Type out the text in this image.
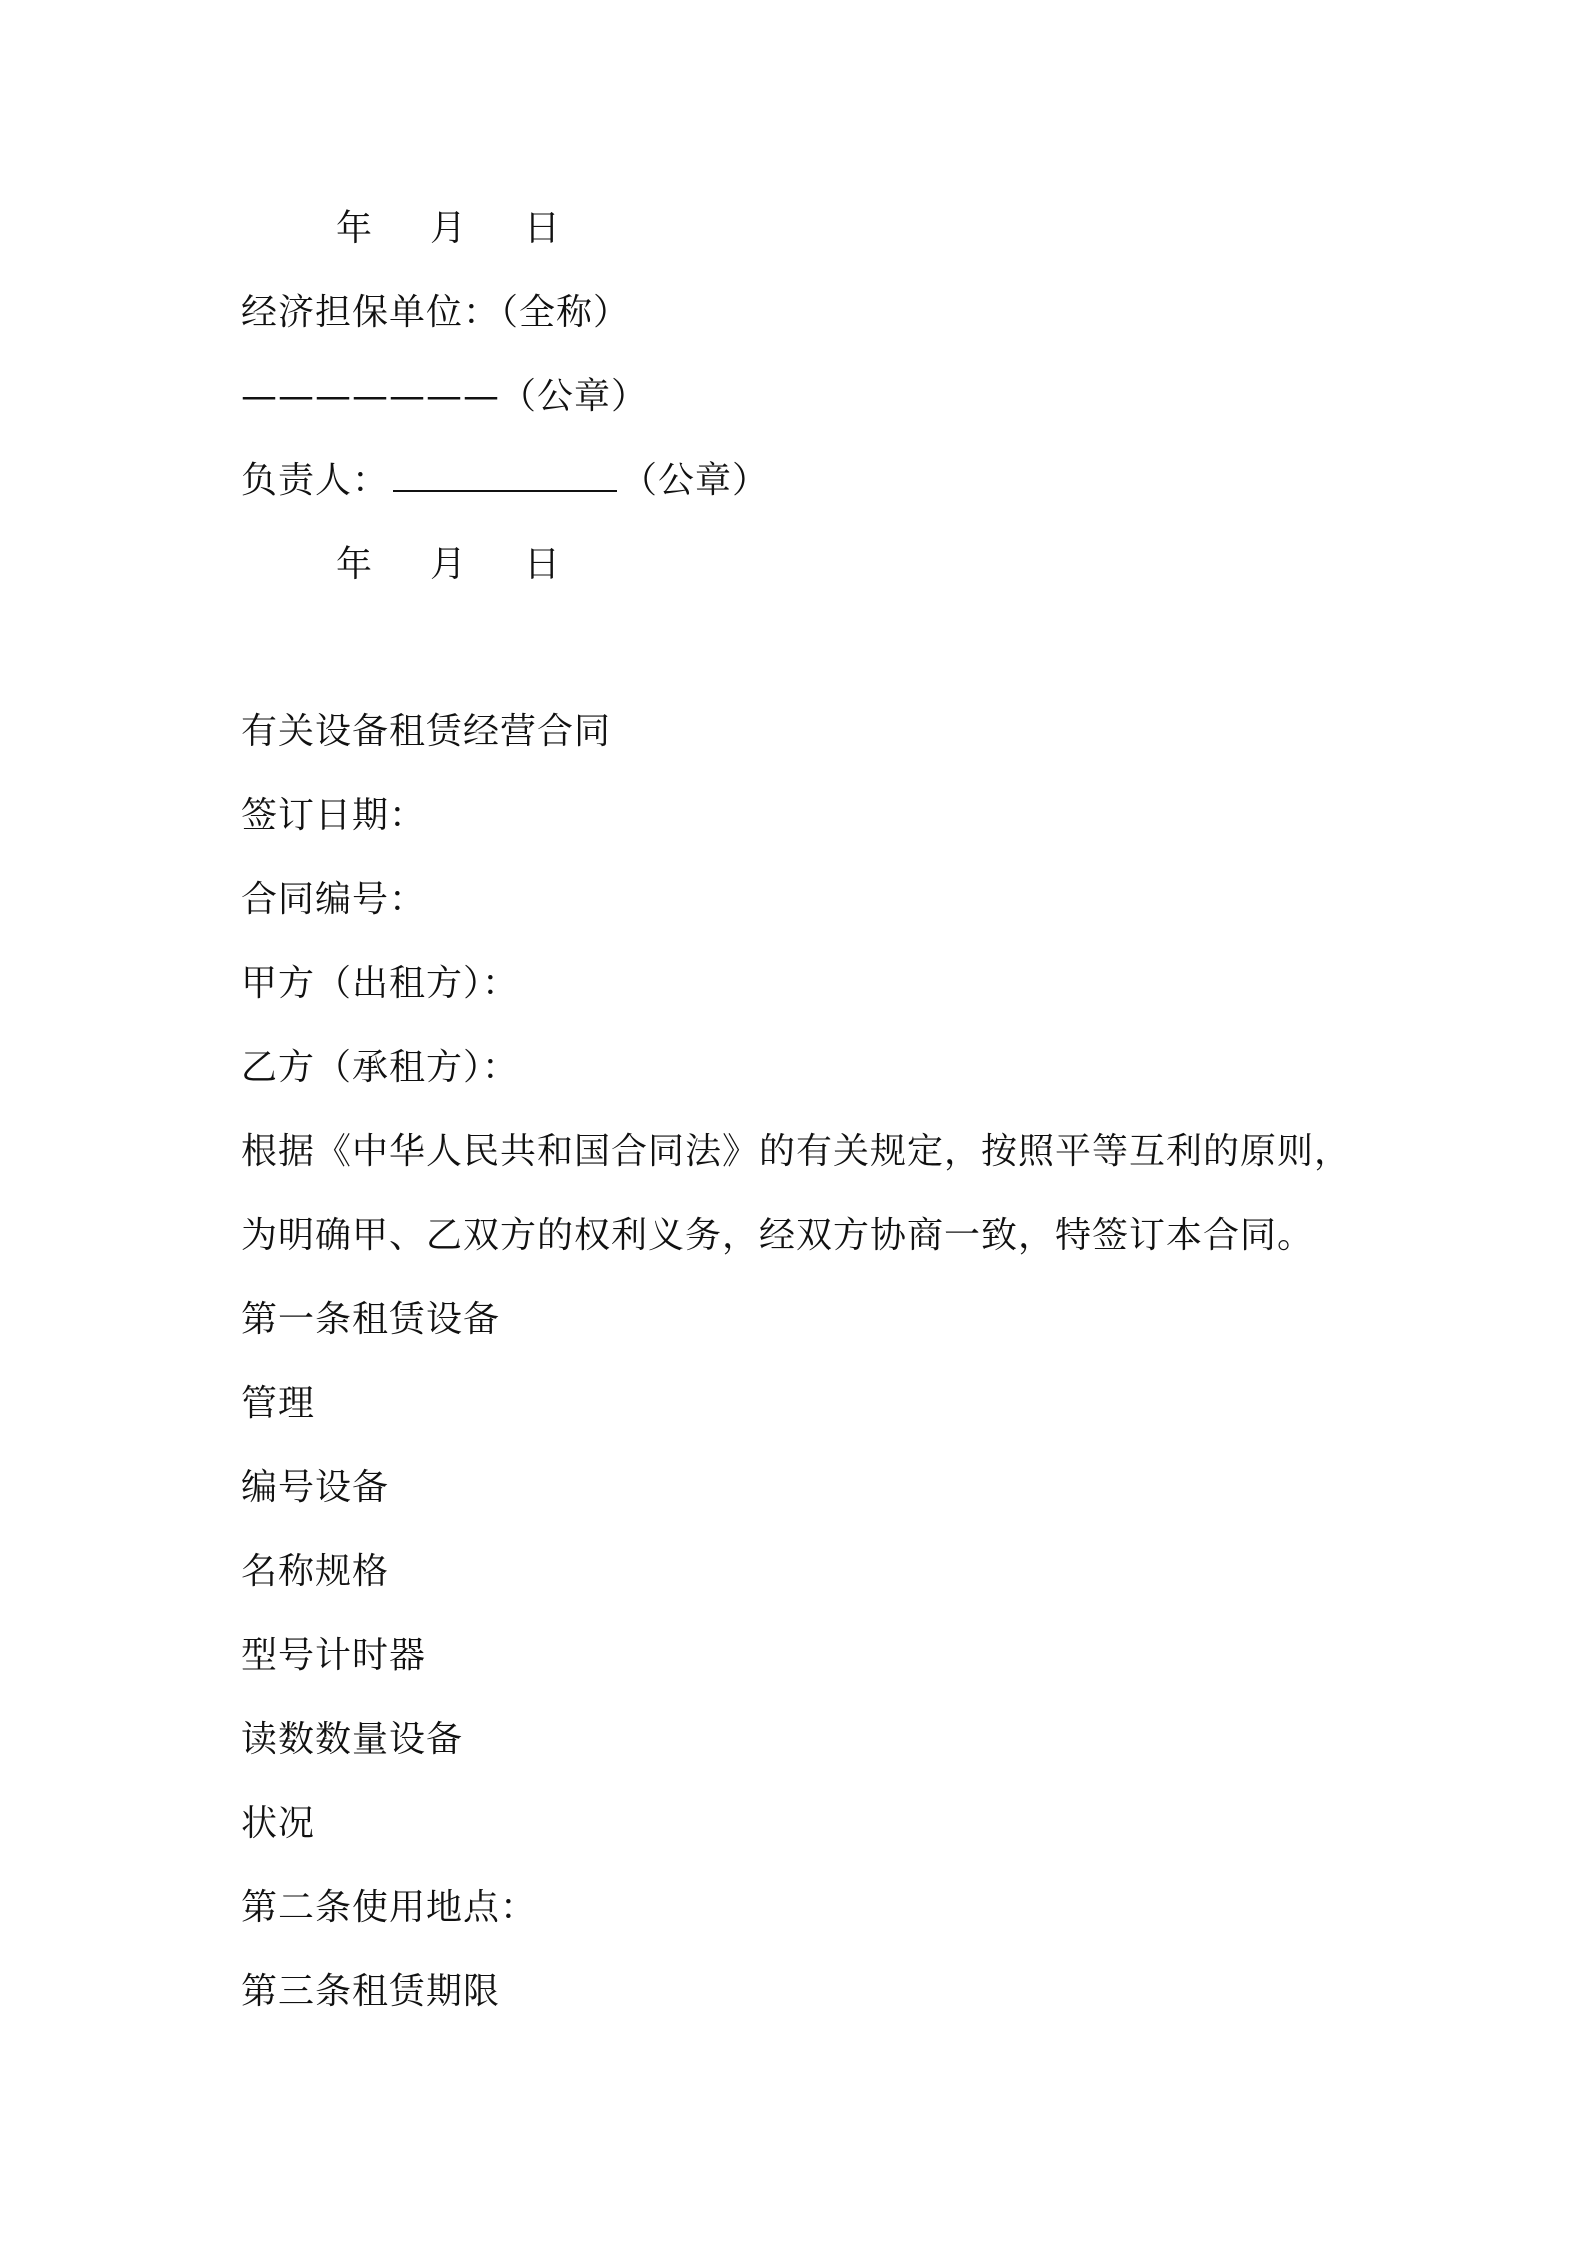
年 月 日
经济担保单位：（全称）
———————（公章）
负责人：	（公章）
年 月 日
有关设备租赁经营合同
签订日期：
合同编号：
甲方（出租方）：
乙方（承租方）：
根据《中华人民共和国合同法》的有关规定，按照平等互利的原则，
为明确甲、乙双方的权利义务，经双方协商一致，特签订本合同。
第一条租赁设备
管理
编号设备
名称规格
型号计时器
读数数量设备
状况
第二条使用地点：
第三条租赁期限
